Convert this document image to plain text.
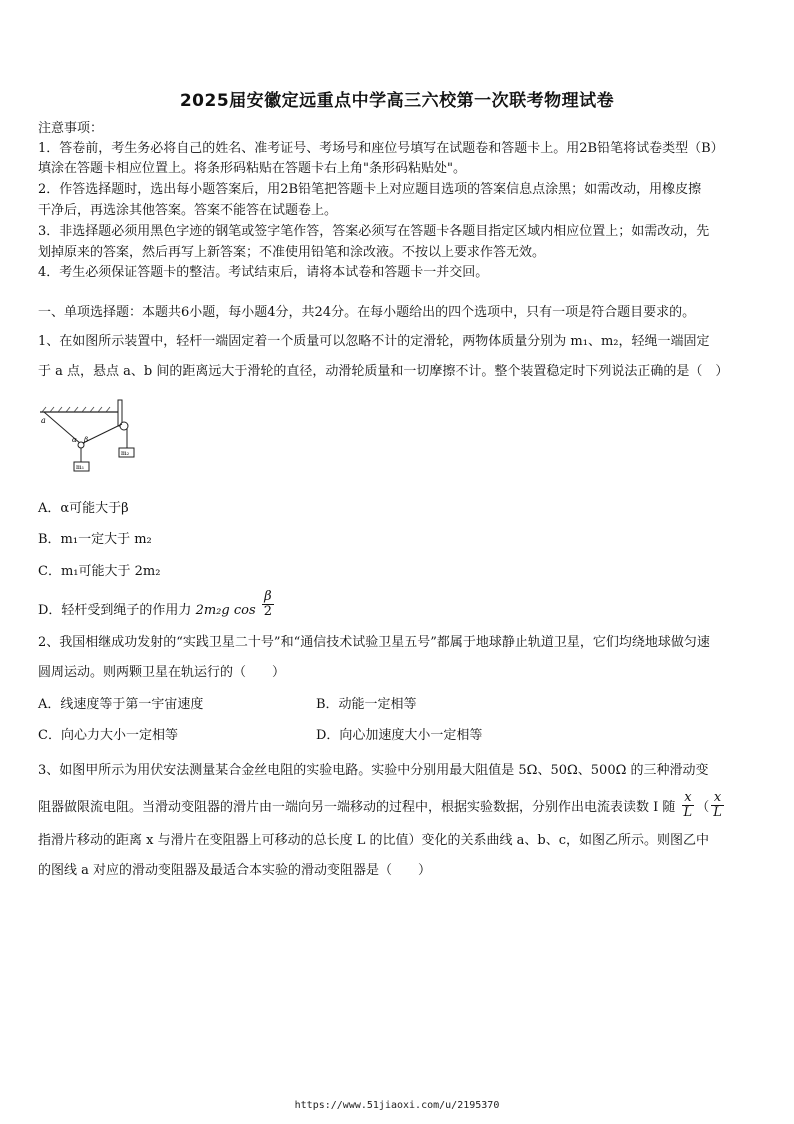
2025届安徽定远重点中学高三六校第一次联考物理试卷
注意事项：
1．答卷前，考生务必将自己的姓名、准考证号、考场号和座位号填写在试题卷和答题卡上。用2B铅笔将试卷类型（B）
填涂在答题卡相应位置上。将条形码粘贴在答题卡右上角"条形码粘贴处"。
2．作答选择题时，选出每小题答案后，用2B铅笔把答题卡上对应题目选项的答案信息点涂黑；如需改动，用橡皮擦
干净后，再选涂其他答案。答案不能答在试题卷上。
3．非选择题必须用黑色字迹的钢笔或签字笔作答，答案必须写在答题卡各题目指定区域内相应位置上；如需改动，先
划掉原来的答案，然后再写上新答案；不准使用铅笔和涂改液。不按以上要求作答无效。
4．考生必须保证答题卡的整洁。考试结束后，请将本试卷和答题卡一并交回。
一、单项选择题：本题共6小题，每小题4分，共24分。在每小题给出的四个选项中，只有一项是符合题目要求的。
1、在如图所示装置中，轻杆一端固定着一个质量可以忽略不计的定滑轮，两物体质量分别为 m₁、m₂，轻绳一端固定
于 a 点，悬点 a、b 间的距离远大于滑轮的直径，动滑轮质量和一切摩擦不计。整个装置稳定时下列说法正确的是（　）
a
α β
m₁
m₂
A．α可能大于β
B．m₁一定大于 m₂
C．m₁可能大于 2m₂
D．轻杆受到绳子的作用力 2m₂g $\cos \frac{\beta}{2}$
2、我国相继成功发射的“实践卫星二十号”和“通信技术试验卫星五号”都属于地球静止轨道卫星，它们均绕地球做匀速
圆周运动。则两颗卫星在轨运行的（　　）
A．线速度等于第一宇宙速度	B．动能一定相等
C．向心力大小一定相等	D．向心加速度大小一定相等
3、如图甲所示为用伏安法测量某合金丝电阻的实验电路。实验中分别用最大阻值是 5Ω、50Ω、500Ω 的三种滑动变
阻器做限流电阻。当滑动变阻器的滑片由一端向另一端移动的过程中，根据实验数据，分别作出电流表读数 I 随 $\frac{x}{L}$ （ $\frac{x}{L}$
指滑片移动的距离 x 与滑片在变阻器上可移动的总长度 L 的比值）变化的关系曲线 a、b、c，如图乙所示。则图乙中
的图线 a 对应的滑动变阻器及最适合本实验的滑动变阻器是（　　）
https://www.51jiaoxi.com/u/2195370
